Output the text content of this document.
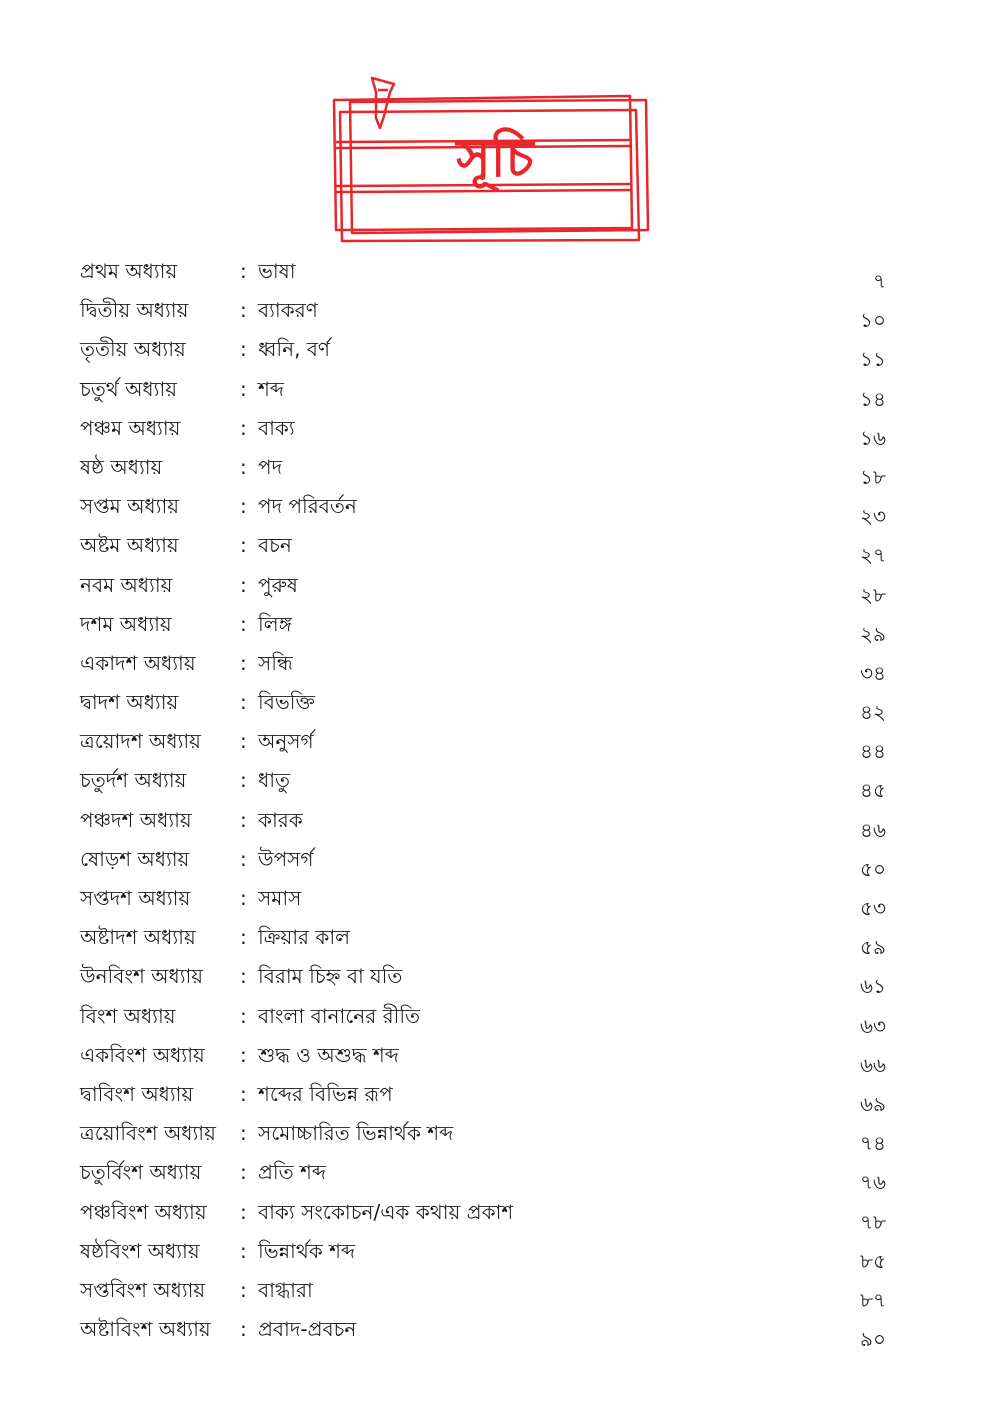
সূচি
প্রথম অধ্যায়	: ভাষা	৭
দ্বিতীয় অধ্যায়	: ব্যাকরণ	১০
তৃতীয় অধ্যায়	: ধ্বনি, বর্ণ	১১
চতুর্থ অধ্যায়	: শব্দ	১৪
পঞ্চম অধ্যায়	: বাক্য	১৬
ষষ্ঠ অধ্যায়	: পদ	১৮
সপ্তম অধ্যায়	: পদ পরিবর্তন	২৩
অষ্টম অধ্যায়	: বচন	২৭
নবম অধ্যায়	: পুরুষ	২৮
দশম অধ্যায়	: লিঙ্গ	২৯
একাদশ অধ্যায় : সন্ধি	৩৪
দ্বাদশ অধ্যায়	: বিভক্তি	৪২
ত্রয়োদশ অধ্যায় : অনুসর্গ	৪৪
চতুর্দশ অধ্যায়	: ধাতু	৪৫
পঞ্চদশ অধ্যায় : কারক	৪৬
ষোড়শ অধ্যায়	: উপসর্গ	৫০
সপ্তদশ অধ্যায় : সমাস	৫৩
অষ্টাদশ অধ্যায় : ক্রিয়ার কাল	৫৯
উনবিংশ অধ্যায় : বিরাম চিহ্ন বা যতি	৬১
বিংশ অধ্যায়	: বাংলা বানানের রীতি	৬৩
একবিংশ অধ্যায় : শুদ্ধ ও অশুদ্ধ শব্দ	৬৬
দ্বাবিংশ অধ্যায় : শব্দের বিভিন্ন রূপ	৬৯
ত্রয়োবিংশ অধ্যায় : সমোচ্চারিত ভিন্নার্থক শব্দ	৭৪
চতুর্বিংশ অধ্যায় : প্রতি শব্দ	৭৬
পঞ্চবিংশ অধ্যায় : বাক্য সংকোচন/এক কথায় প্রকাশ	৭৮
ষষ্ঠবিংশ অধ্যায় : ভিন্নার্থক শব্দ	৮৫
সপ্তবিংশ অধ্যায় : বাগ্ধারা	৮৭
অষ্টাবিংশ অধ্যায় : প্রবাদ-প্রবচন	৯০
